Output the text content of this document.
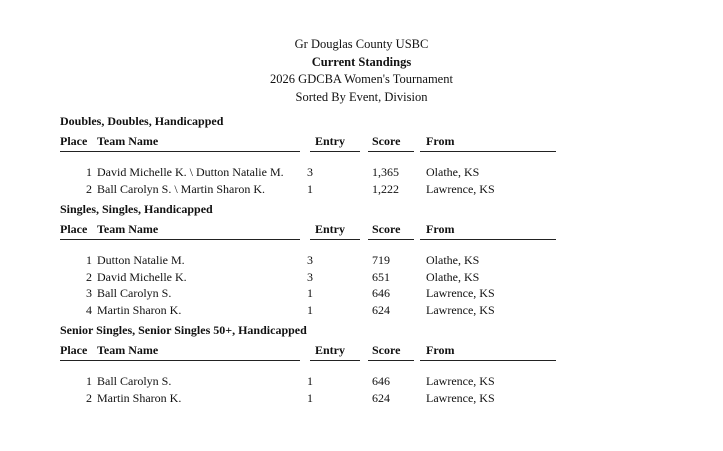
Gr Douglas County USBC
Current Standings
2026 GDCBA Women's Tournament
Sorted By Event, Division
Doubles, Doubles, Handicapped
Place Team Name	Entry Score From
1 David Michelle K. \ Dutton Natalie M. 3	1,365 Olathe, KS
2 Ball Carolyn S. \ Martin Sharon K.	1	1,222 Lawrence, KS
Singles, Singles, Handicapped
Place Team Name	Entry Score From
1 Dutton Natalie M.	3	719	Olathe, KS
2 David Michelle K.	3	651	Olathe, KS
3 Ball Carolyn S.	1	646	Lawrence, KS
4 Martin Sharon K.	1	624	Lawrence, KS
Senior Singles, Senior Singles 50+, Handicapped
Place Team Name	Entry Score From
1 Ball Carolyn S.	1	646	Lawrence, KS
2 Martin Sharon K.	1	624	Lawrence, KS
